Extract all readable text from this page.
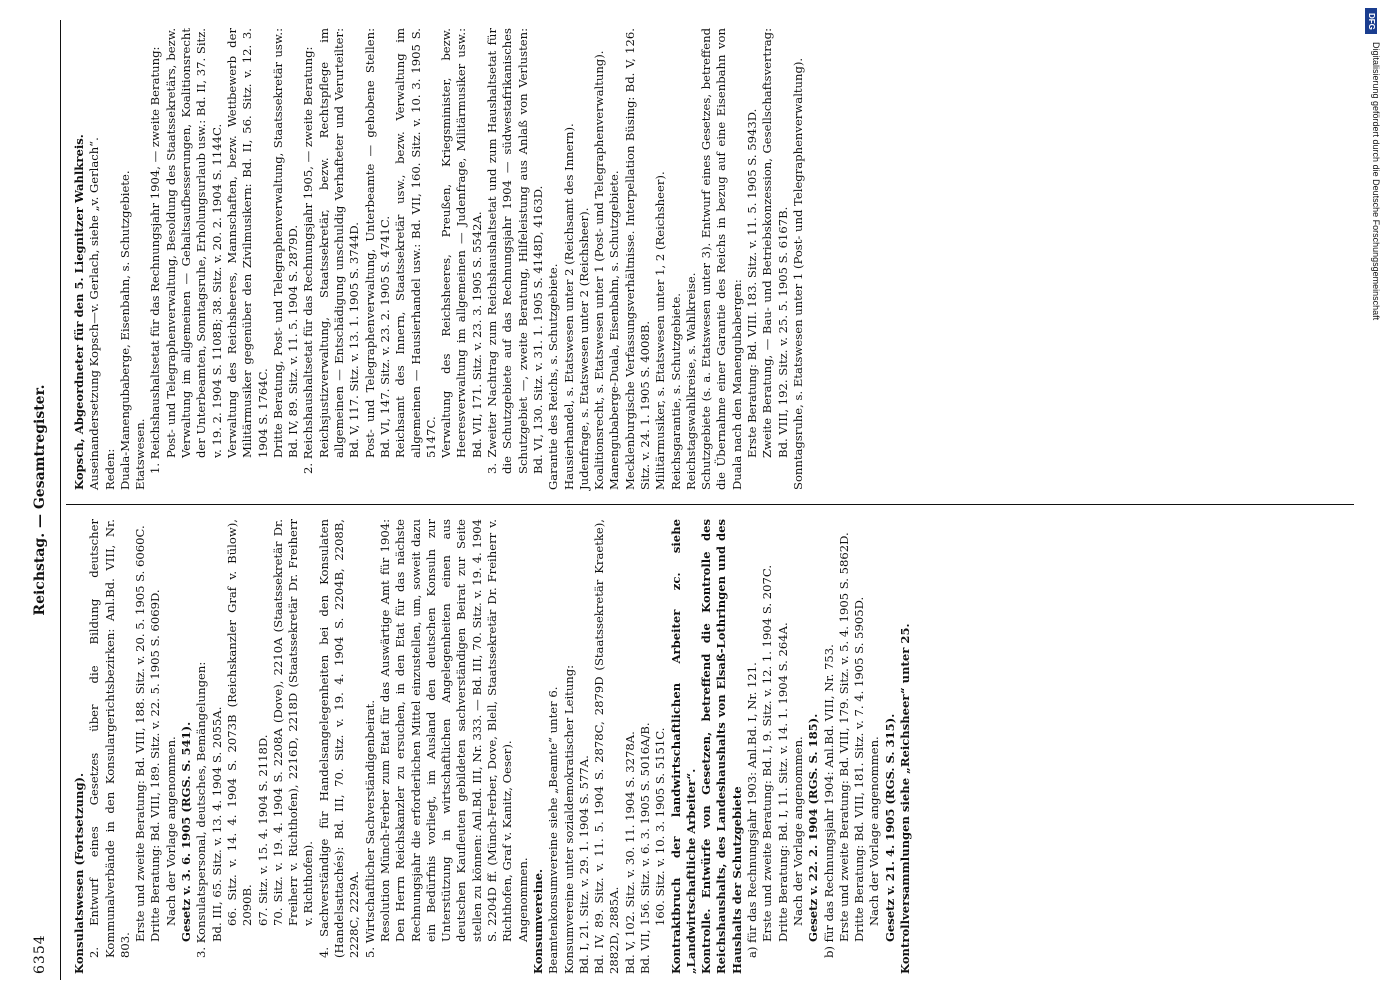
6354
Reichstag. — Gesamtregister.

Konsulatswesen (Fortsetzung). 2. Entwurf eines Gesetzes über die Bildung deutscher Kommunalverbände in den Konsulargerichtsbezirken: Anl.Bd. VIII, Nr. 803.

Erste und zweite Beratung: Bd. VIII, 188. Sitz. v. 20. 5. 1905 S. 6060C. Dritte Beratung: Bd. VIII, 189. Sitz. v. 22. 5. 1905 S. 6069D. Nach der Vorlage angenommen. Gesetz v. 3. 6. 1905 (RGS. S. 541). 3. Konsulatspersonal, deutsches, Bemängelungen: Bd. III, 65. Sitz. v. 13. 4. 1904 S. 2055A. 66. Sitz. v. 14. 4. 1904 S. 2073B (Reichskanzler Graf v. Bülow), 2090B. 67. Sitz. v. 15. 4. 1904 S. 2118D. 70. Sitz. v. 19. 4. 1904 S. 2208A (Dove), 2210A (Staatssekretär Dr. Freiherr v. Richthofen), 2216D, 2218D (Staatssekretär Dr. Freiherr v. Richthofen). 4. Sachverständige für Handelsangelegenheiten bei den Konsulaten (Handelsattachés): Bd. III, 70. Sitz. v. 19. 4. 1904 S. 2204B, 2208B, 2228C, 2229A. 5. Wirtschaftlicher Sachverständigenbeirat. Resolution Münch-Ferber zum Etat für das Auswärtige Amt für 1904: Den Herrn Reichskanzler zu ersuchen, in den Etat für das nächste Rechnungsjahr die erforderlichen Mittel einzustellen, um, soweit dazu ein Bedürfnis vorliegt, im Ausland den deutschen Konsuln zur Unterstützung in wirtschaftlichen Angelegenheiten einen aus deutschen Kaufleuten gebildeten sachverständigen Beirat zur Seite stellen zu können: Anl.Bd. III, Nr. 333. — Bd. III, 70. Sitz. v. 19. 4. 1904 S. 2204D ff. (Münch-Ferber, Dove, Blell, Staatssekretär Dr. Freiherr v. Richthofen, Graf v. Kanitz, Oeser). Angenommen. Konsumvereine. Beamtenkonsumvereine siehe „Beamte“ unter 6. Konsumvereine unter sozialdemokratischer Leitung: Bd. I, 21. Sitz. v. 29. 1. 1904 S. 577A. Bd. IV, 89. Sitz. v. 11. 5. 1904 S. 2878C, 2879D (Staatssekretär Kraetke), 2882D, 2885A. Bd. V, 102. Sitz. v. 30. 11. 1904 S. 3278A. Bd. VII, 156. Sitz. v. 6. 3. 1905 S. 5016A/B. 160. Sitz. v. 10. 3. 1905 S. 5151C. Kontraktbruch der landwirtschaftlichen Arbeiter zc. siehe „Landwirtschaftliche Arbeiter“. Kontrolle. Entwürfe von Gesetzen, betreffend die Kontrolle des Reichshaushalts, des Landeshaushalts von Elsaß-Lothringen und des Haushalts der Schutzgebiete a) für das Rechnungsjahr 1903: Anl.Bd. I, Nr. 121. Erste und zweite Beratung: Bd. I, 9. Sitz. v. 12. 1. 1904 S. 207C. Dritte Beratung: Bd. I, 11. Sitz. v. 14. 1. 1904 S. 264A. Nach der Vorlage angenommen. Gesetz v. 22. 2. 1904 (RGS. S. 185). b) für das Rechnungsjahr 1904: Anl.Bd. VIII, Nr. 753. Erste und zweite Beratung: Bd. VIII, 179. Sitz. v. 5. 4. 1905 S. 5862D. Dritte Beratung: Bd. VIII, 181. Sitz. v. 7. 4. 1905 S. 5905D. Nach der Vorlage angenommen. Gesetz v. 21. 4. 1905 (RGS. S. 315). Kontrollversammlungen siehe „Reichsheer“ unter 25.

Kopsch, Abgeordneter für den 5. Liegnitzer Wahlkreis. Auseinandersetzung Kopsch—v. Gerlach, siehe „v. Gerlach“. Reden: Duala-Manengubaberge, Eisenbahn, s. Schutzgebiete. Etatswesen. 1. Reichshaushaltsetat für das Rechnungsjahr 1904, — zweite Beratung: Post- und Telegraphenverwaltung, Besoldung des Staatssekretärs, bezw. Verwaltung im allgemeinen — Gehaltsaufbesserungen, Koalitionsrecht der Unterbeamten, Sonntagsruhe, Erholungsurlaub usw.: Bd. II, 37. Sitz. v. 19. 2. 1904 S. 1108B; 38. Sitz. v. 20. 2. 1904 S. 1144C. Verwaltung des Reichsheeres, Mannschaften, bezw. Wettbewerb der Militärmusiker gegenüber den Zivilmusikern: Bd. II, 56. Sitz. v. 12. 3. 1904 S. 1764C. Dritte Beratung, Post- und Telegraphenverwaltung, Staatssekretär usw.: Bd. IV, 89. Sitz. v. 11. 5. 1904 S. 2879D. 2. Reichshaushaltsetat für das Rechnungsjahr 1905, — zweite Beratung: Reichsjustizverwaltung, Staatssekretär, bezw. Rechtspflege im allgemeinen — Entschädigung unschuldig Verhafteter und Verurteilter: Bd. V, 117. Sitz. v. 13. 1. 1905 S. 3744D. Post- und Telegraphenverwaltung, Unterbeamte — gehobene Stellen: Bd. VI, 147. Sitz. v. 23. 2. 1905 S. 4741C. Reichsamt des Innern, Staatssekretär usw., bezw. Verwaltung im allgemeinen — Hausierhandel usw.: Bd. VII, 160. Sitz. v. 10. 3. 1905 S. 5147C. Verwaltung des Reichsheeres, Preußen, Kriegsminister, bezw. Heeresverwaltung im allgemeinen — Judenfrage, Militärmusiker usw.: Bd. VII, 171. Sitz. v. 23. 3. 1905 S. 5542A. 3. Zweiter Nachtrag zum Reichshaushaltsetat und zum Haushaltsetat für die Schutzgebiete auf das Rechnungsjahr 1904 — südwestafrikanisches Schutzgebiet —, zweite Beratung, Hilfeleistung aus Anlaß von Verlusten: Bd. VI, 130. Sitz. v. 31. 1. 1905 S. 4148D, 4163D. Garantie des Reichs, s. Schutzgebiete. Hausierhandel, s. Etatswesen unter 2 (Reichsamt des Innern). Judenfrage, s. Etatswesen unter 2 (Reichsheer). Koalitionsrecht, s. Etatswesen unter 1 (Post- und Telegraphenverwaltung). Manengubaberge-Duala, Eisenbahn, s. Schutzgebiete. Mecklenburgische Verfassungsverhältnisse. Interpellation Büsing: Bd. V, 126. Sitz. v. 24. 1. 1905 S. 4008B. Militärmusiker, s. Etatswesen unter 1, 2 (Reichsheer). Reichsgarantie, s. Schutzgebiete. Reichstagswahlkreise, s. Wahlkreise. Schutzgebiete (s. a. Etatswesen unter 3). Entwurf eines Gesetzes, betreffend die Übernahme einer Garantie des Reichs in bezug auf eine Eisenbahn von Duala nach den Manengubabergen: Erste Beratung: Bd. VIII. 183. Sitz. v. 11. 5. 1905 S. 5943D. Zweite Beratung, — Bau- und Betriebskonzession, Gesellschaftsvertrag: Bd. VIII, 192. Sitz. v. 25. 5. 1905 S. 6167B. Sonntagsruhe, s. Etatswesen unter 1 (Post- und Telegraphenverwaltung).

DFG
Digitalisierung gefördert durch die Deutsche Forschungsgemeinschaft
